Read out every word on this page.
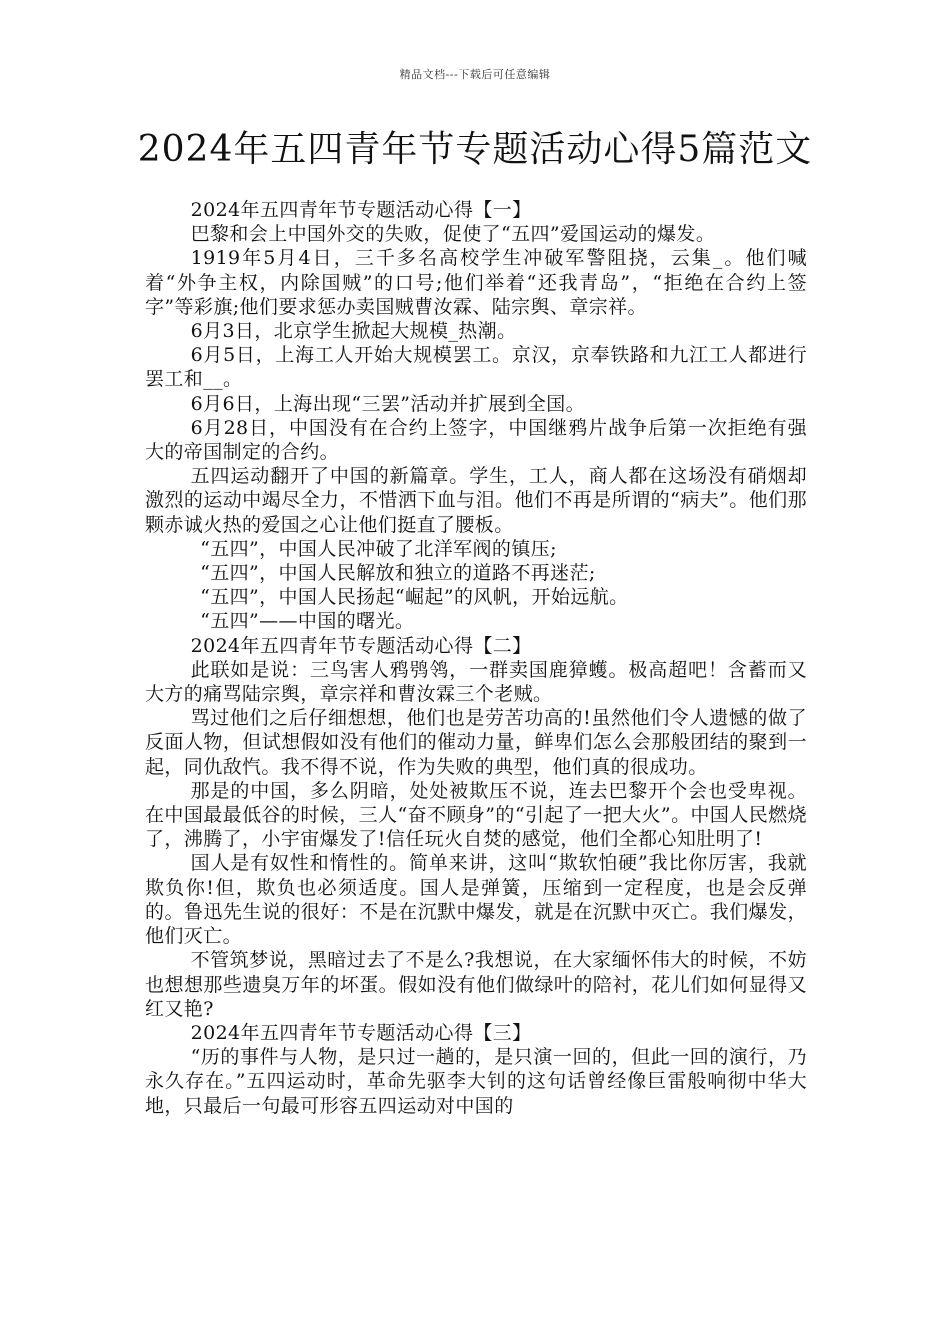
精品文档---下载后可任意编辑
2024年五四青年节专题活动心得5篇范文

2024年五四青年节专题活动心得【一】

巴黎和会上中国外交的失败，促使了“五四”爱国运动的爆发。

1919年5月4日，三千多名高校学生冲破军警阻挠，云集_。他们喊着“外争主权，内除国贼”的口号;他们举着“还我青岛”，“拒绝在合约上签字”等彩旗;他们要求惩办卖国贼曹汝霖、陆宗舆、章宗祥。

6月3日，北京学生掀起大规模_热潮。

6月5日，上海工人开始大规模罢工。京汉，京奉铁路和九江工人都进行罢工和__。

6月6日，上海出现“三罢”活动并扩展到全国。

6月28日，中国没有在合约上签字，中国继鸦片战争后第一次拒绝有强大的帝国制定的合约。

五四运动翻开了中国的新篇章。学生，工人，商人都在这场没有硝烟却激烈的运动中竭尽全力，不惜洒下血与泪。他们不再是所谓的“病夫”。他们那颗赤诚火热的爱国之心让他们挺直了腰板。

“五四”，中国人民冲破了北洋军阀的镇压;

“五四”，中国人民解放和独立的道路不再迷茫;

“五四”，中国人民扬起“崛起”的风帆，开始远航。

“五四”——中国的曙光。

2024年五四青年节专题活动心得【二】

此联如是说：三鸟害人鸦鸮鸰，一群卖国鹿獐蠖。极高超吧！含蓄而又大方的痛骂陆宗舆，章宗祥和曹汝霖三个老贼。

骂过他们之后仔细想想，他们也是劳苦功高的!虽然他们令人遗憾的做了反面人物，但试想假如没有他们的催动力量，鲜卑们怎么会那般团结的聚到一起，同仇敌忾。我不得不说，作为失败的典型，他们真的很成功。

那是的中国，多么阴暗，处处被欺压不说，连去巴黎开个会也受卑视。在中国最最低谷的时候，三人“奋不顾身”的“引起了一把大火”。中国人民燃烧了，沸腾了，小宇宙爆发了!信任玩火自焚的感觉，他们全都心知肚明了!

国人是有奴性和惰性的。简单来讲，这叫“欺软怕硬”我比你厉害，我就欺负你!但，欺负也必须适度。国人是弹簧，压缩到一定程度，也是会反弹的。鲁迅先生说的很好：不是在沉默中爆发，就是在沉默中灭亡。我们爆发，他们灭亡。

不管筑梦说，黑暗过去了不是么?我想说，在大家缅怀伟大的时候，不妨也想想那些遗臭万年的坏蛋。假如没有他们做绿叶的陪衬，花儿们如何显得又红又艳?

2024年五四青年节专题活动心得【三】

“历的事件与人物，是只过一趟的，是只演一回的，但此一回的演行，乃永久存在。”五四运动时，革命先驱李大钊的这句话曾经像巨雷般响彻中华大地，只最后一句最可形容五四运动对中国的
